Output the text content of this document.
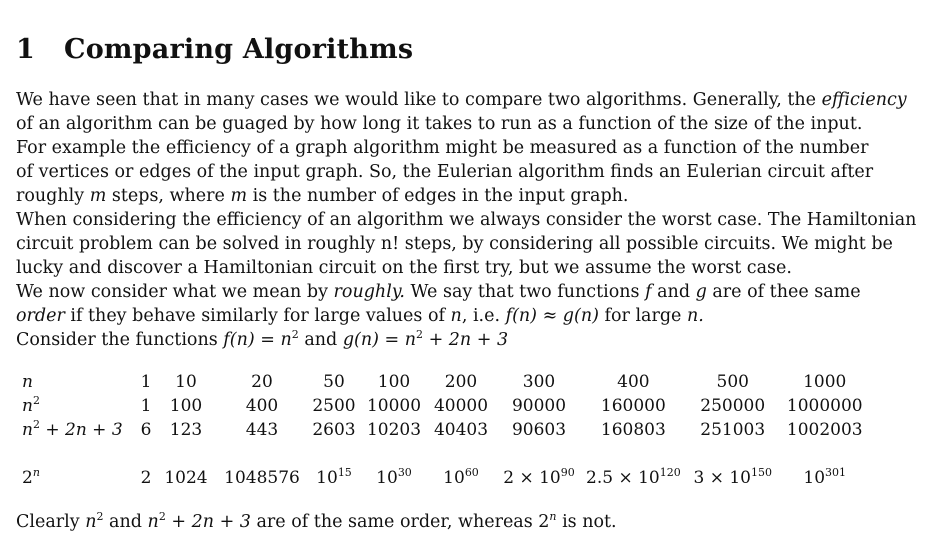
1 Comparing Algorithms
We have seen that in many cases we would like to compare two algorithms. Generally, the efficiency
of an algorithm can be guaged by how long it takes to run as a function of the size of the input.
For example the efficiency of a graph algorithm might be measured as a function of the number
of vertices or edges of the input graph. So, the Eulerian algorithm finds an Eulerian circuit after
roughly m steps, where m is the number of edges in the input graph.
When considering the efficiency of an algorithm we always consider the worst case. The Hamiltonian
circuit problem can be solved in roughly n! steps, by considering all possible circuits. We might be
lucky and discover a Hamiltonian circuit on the first try, but we assume the worst case.
We now consider what we mean by roughly. We say that two functions f and g are of thee same
order if they behave similarly for large values of n, i.e. f(n) ≈ g(n) for large n.
Consider the functions $f(n) = n^2$ and $g(n) = n^2 + 2n + 3$
n	1	10	20	50	100	200	300	400	500	1000
$n^2$	1	100	400	2500	10000	40000	90000	160000	250000	1000000
$n^2 + 2n + 3$	6	123	443	2603	10203	40403	90603	160803	251003	1002003

2$^n$	2	1024	1048576	$10^{15}$	$10^{30}$	$10^{60}$	$2 \times 10^{90}$	$2.5 \times 10^{120}$	$3 \times 10^{150}$	$10^{301}$
Clearly $n^2$ and $n^2 + 2n + 3$ are of the same order, whereas 2$^n$ is not.
